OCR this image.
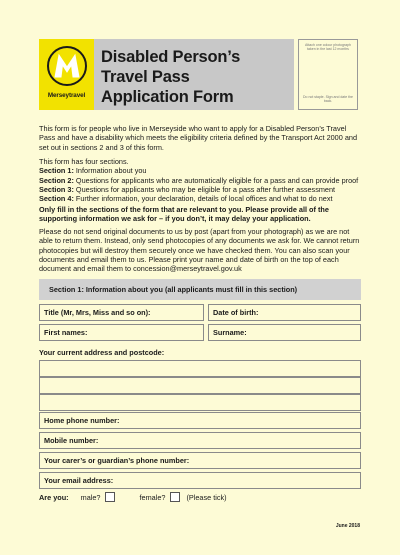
Merseytravel
Disabled Person’s
Travel Pass
Application Form
Attach one colour photograph taken in the last 12 months
Do not staple. Sign and date the back.

This form is for people who live in Merseyside who want to apply for a Disabled Person’s Travel Pass and have a disability which meets the eligibility criteria defined by the Transport Act 2000 and set out in sections 2 and 3 of this form.

This form has four sections.
Section 1: Information about you
Section 2: Questions for applicants who are automatically eligible for a pass and can provide proof
Section 3: Questions for applicants who may be eligible for a pass after further assessment
Section 4: Further information, your declaration, details of local offices and what to do next

Only fill in the sections of the form that are relevant to you. Please provide all of the supporting information we ask for – if you don’t, it may delay your application.

Please do not send original documents to us by post (apart from your photograph) as we are not able to return them. Instead, only send photocopies of any documents we ask for. We cannot return photocopies but will destroy them securely once we have checked them. You can also scan your documents and email them to us. Please print your name and date of birth on the top of each document and email them to concession@merseytravel.gov.uk

Section 1: Information about you (all applicants must fill in this section)
Title (Mr, Mrs, Miss and so on):	Date of birth:
First names:	Surname:
Your current address and postcode:
Home phone number:
Mobile number:
Your carer’s or guardian’s phone number:
Your email address:
Are you: male?	female?	(Please tick)
June 2018
